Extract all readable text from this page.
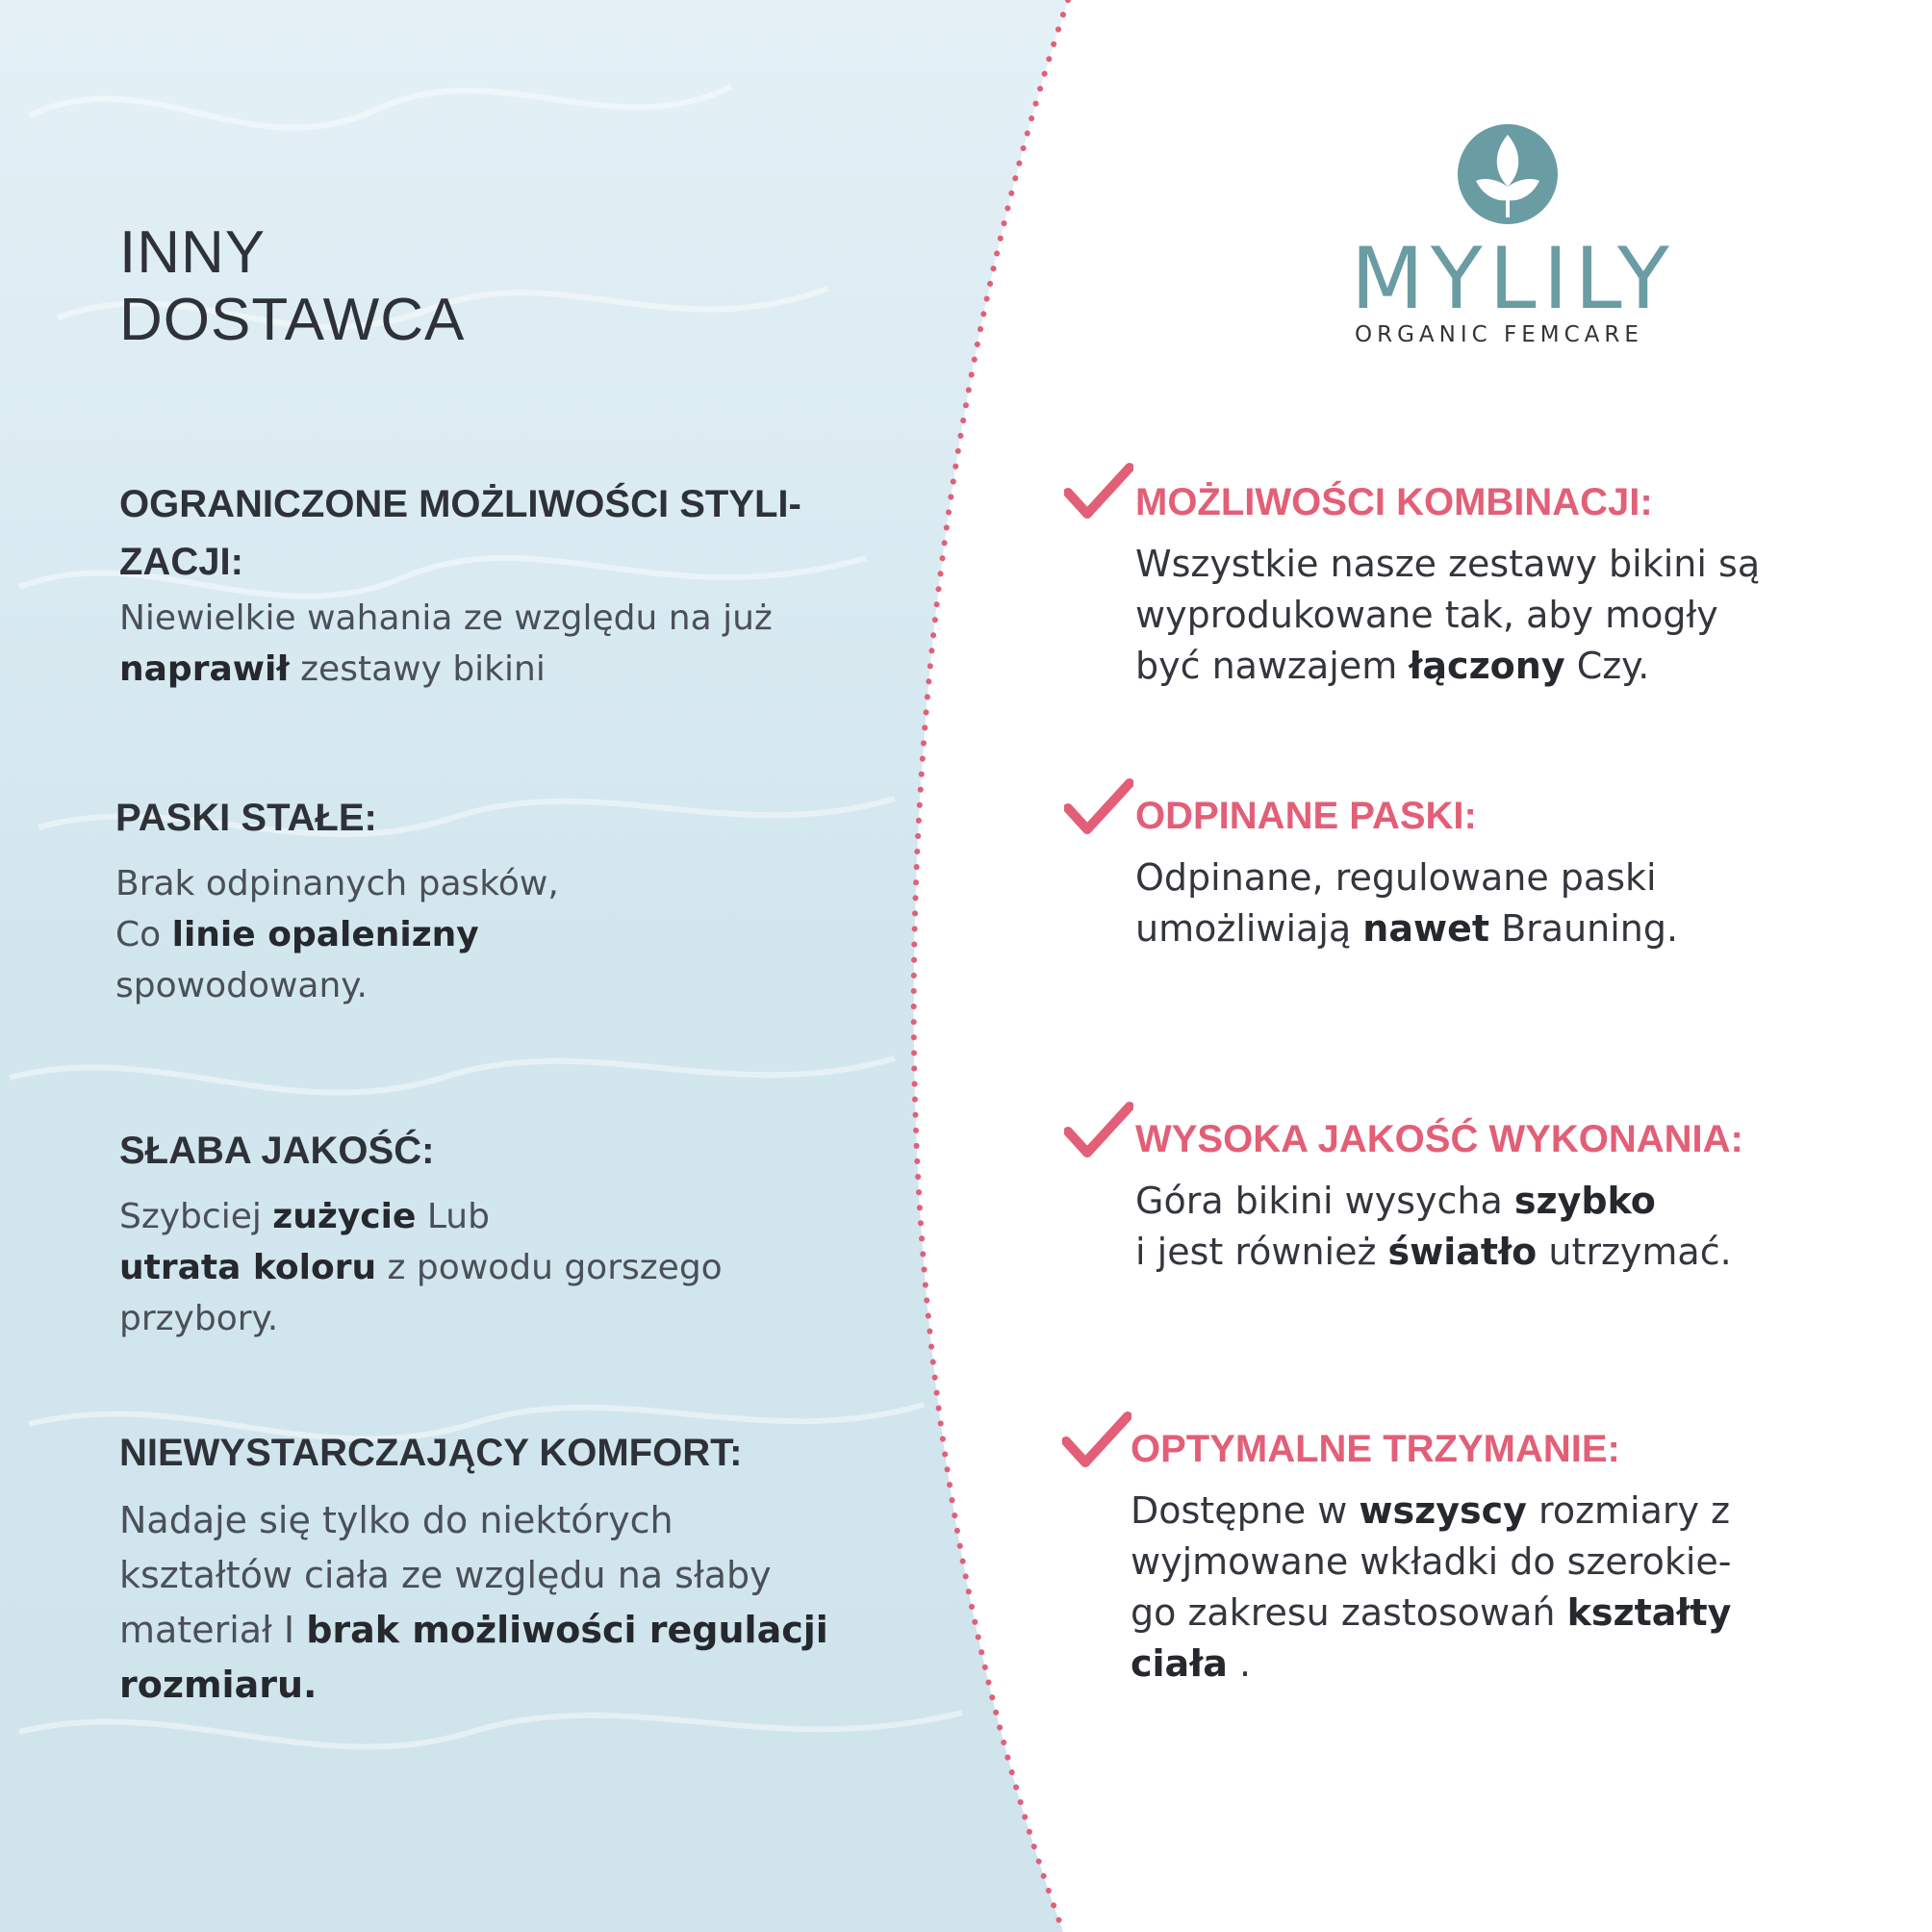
INNY
DOSTAWCA
OGRANICZONE MOŻLIWOŚCI STYLI-
ZACJI:
Niewielkie wahania ze względu na już
naprawił zestawy bikini
PASKI STAŁE:
Brak odpinanych pasków,
Co linie opalenizny
spowodowany.
SŁABA JAKOŚĆ:
Szybciej zużycie Lub
utrata koloru z powodu gorszego
przybory.
NIEWYSTARCZAJĄCY KOMFORT:
Nadaje się tylko do niektórych
kształtów ciała ze względu na słaby
materiał I brak możliwości regulacji
rozmiaru.
MYLILY
ORGANIC FEMCARE
MOŻLIWOŚCI KOMBINACJI:
Wszystkie nasze zestawy bikini są
wyprodukowane tak, aby mogły
być nawzajem łączony Czy.
ODPINANE PASKI:
Odpinane, regulowane paski
umożliwiają nawet Brauning.
WYSOKA JAKOŚĆ WYKONANIA:
Góra bikini wysycha szybko
i jest również światło utrzymać.
OPTYMALNE TRZYMANIE:
Dostępne w wszyscy rozmiary z
wyjmowane wkładki do szerokie-
go zakresu zastosowań kształty
ciała .
